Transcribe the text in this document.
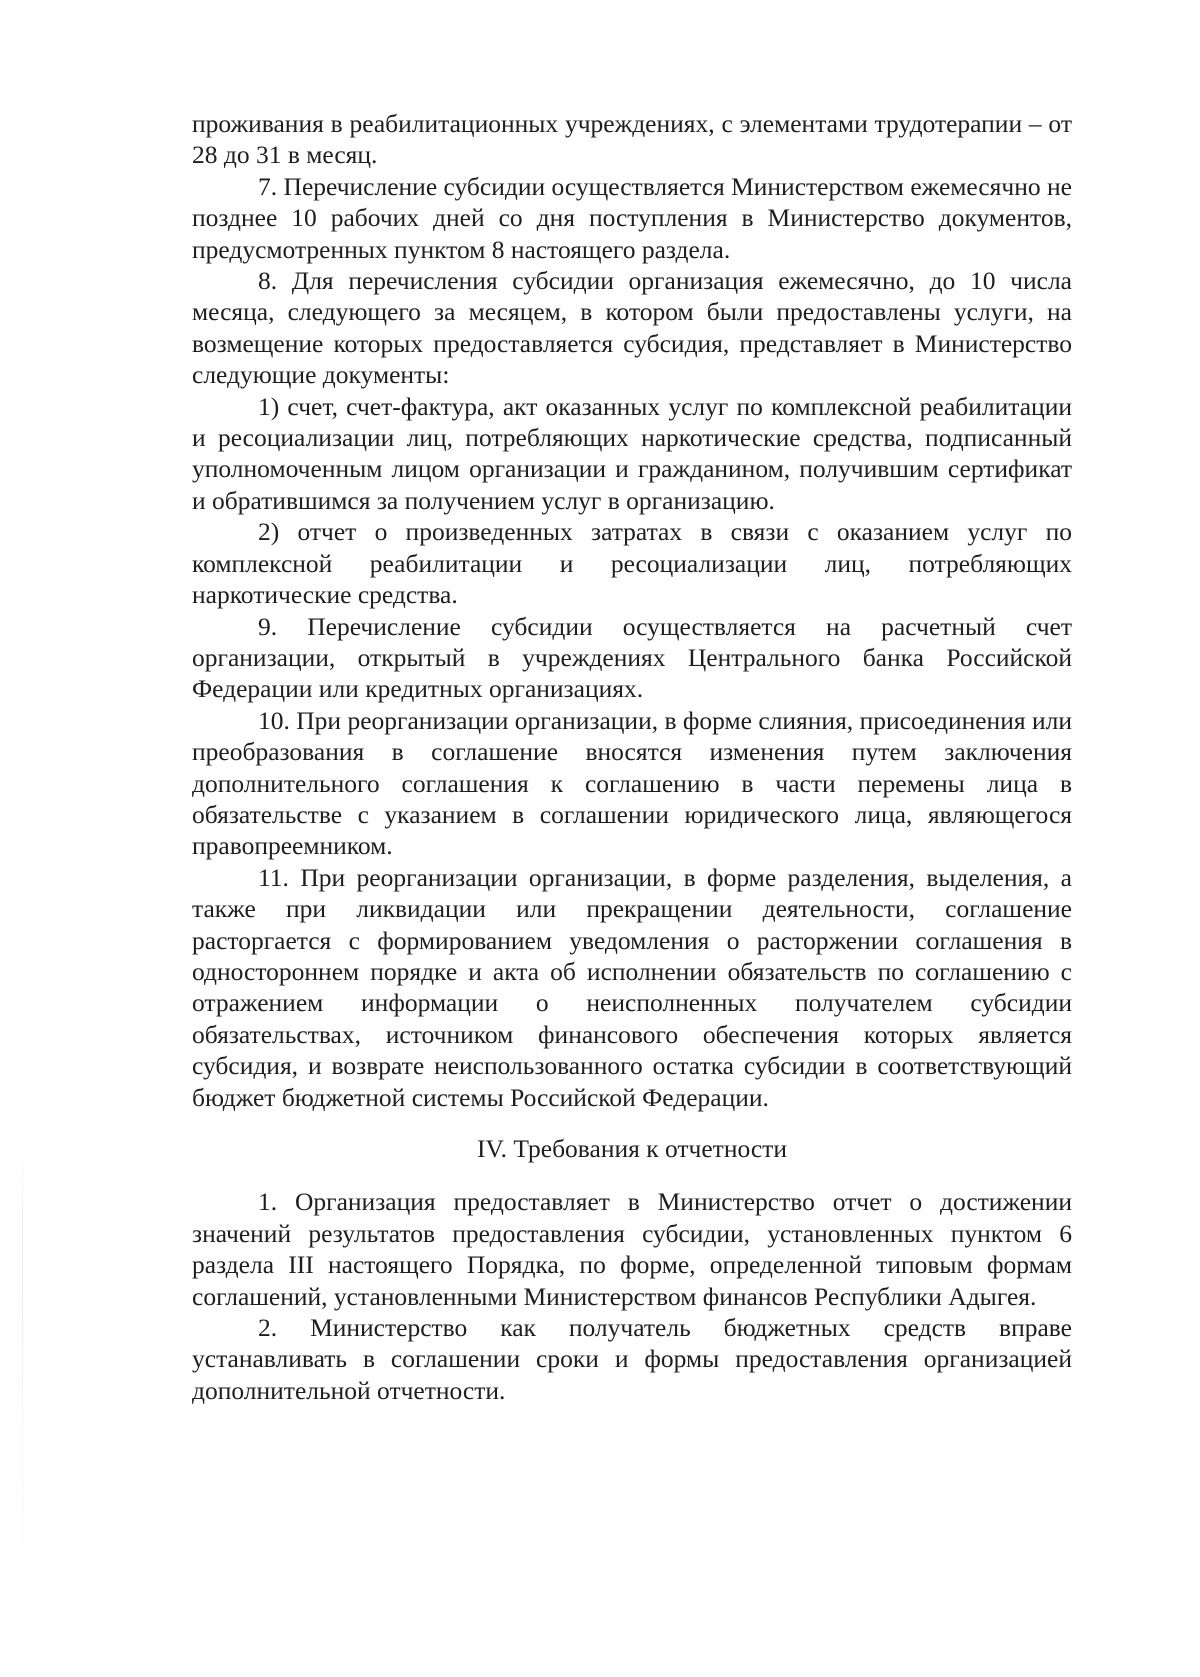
проживания в реабилитационных учреждениях, с элементами трудотерапии – от 28 до 31 в месяц.

7. Перечисление субсидии осуществляется Министерством ежемесячно не позднее 10 рабочих дней со дня поступления в Министерство документов, предусмотренных пунктом 8 настоящего раздела.

8. Для перечисления субсидии организация ежемесячно, до 10 числа месяца, следующего за месяцем, в котором были предоставлены услуги, на возмещение которых предоставляется субсидия, представляет в Министерство следующие документы:

1) счет, счет-фактура, акт оказанных услуг по комплексной реабилитации и ресоциализации лиц, потребляющих наркотические средства, подписанный уполномоченным лицом организации и гражданином, получившим сертификат и обратившимся за получением услуг в организацию.

2) отчет о произведенных затратах в связи с оказанием услуг по комплексной реабилитации и ресоциализации лиц, потребляющих наркотические средства.

9. Перечисление субсидии осуществляется на расчетный счет организации, открытый в учреждениях Центрального банка Российской Федерации или кредитных организациях.

10. При реорганизации организации, в форме слияния, присоединения или преобразования в соглашение вносятся изменения путем заключения дополнительного соглашения к соглашению в части перемены лица в обязательстве с указанием в соглашении юридического лица, являющегося правопреемником.

11. При реорганизации организации, в форме разделения, выделения, а также при ликвидации или прекращении деятельности, соглашение расторгается с формированием уведомления о расторжении соглашения в одностороннем порядке и акта об исполнении обязательств по соглашению с отражением информации о неисполненных получателем субсидии обязательствах, источником финансового обеспечения которых является субсидия, и возврате неиспользованного остатка субсидии в соответствующий бюджет бюджетной системы Российской Федерации.

IV. Требования к отчетности

1. Организация предоставляет в Министерство отчет о достижении значений результатов предоставления субсидии, установленных пунктом 6 раздела III настоящего Порядка, по форме, определенной типовым формам соглашений, установленными Министерством финансов Республики Адыгея.

2. Министерство как получатель бюджетных средств вправе устанавливать в соглашении сроки и формы предоставления организацией дополнительной отчетности.
